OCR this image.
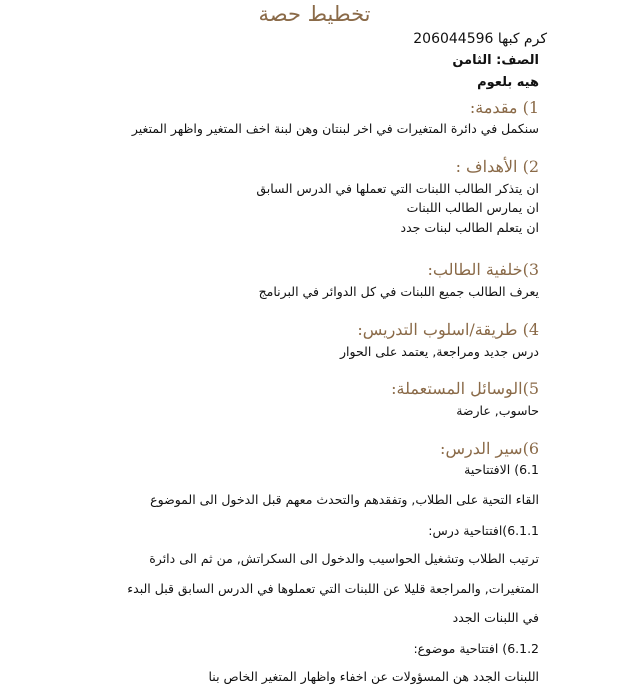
تخطيط حصة
كرم كبها 206044596
الصف: الثامن
هيه بلعوم
1) مقدمة:
سنكمل في دائرة المتغيرات في اخر لبنتان وهن لبنة اخف المتغير واظهر المتغير
2) الأهداف :
ان يتذكر الطالب اللبنات التي تعملها في الدرس السابق
ان يمارس الطالب اللبنات
ان يتعلم الطالب لبنات جدد
3)خلفية الطالب:
يعرف الطالب جميع اللبنات في كل الدوائر في البرنامج
4) طريقة/اسلوب التدريس:
درس جديد ومراجعة, يعتمد على الحوار
5)الوسائل المستعملة:
حاسوب, عارضة
6)سير الدرس:
6.1) الافتتاحية
القاء التحية على الطلاب, وتفقدهم والتحدث معهم قبل الدخول الى الموضوع
6.1.1)افتتاحية درس:
ترتيب الطلاب وتشغيل الحواسيب والدخول الى السكراتش, من ثم الى دائرة
المتغيرات, والمراجعة قليلا عن اللبنات التي تعملوها في الدرس السابق قبل البدء
في اللبنات الجدد
6.1.2) افتتاحية موضوع:
اللبنات الجدد هن المسؤولات عن اخفاء واظهار المتغير الخاص بنا
